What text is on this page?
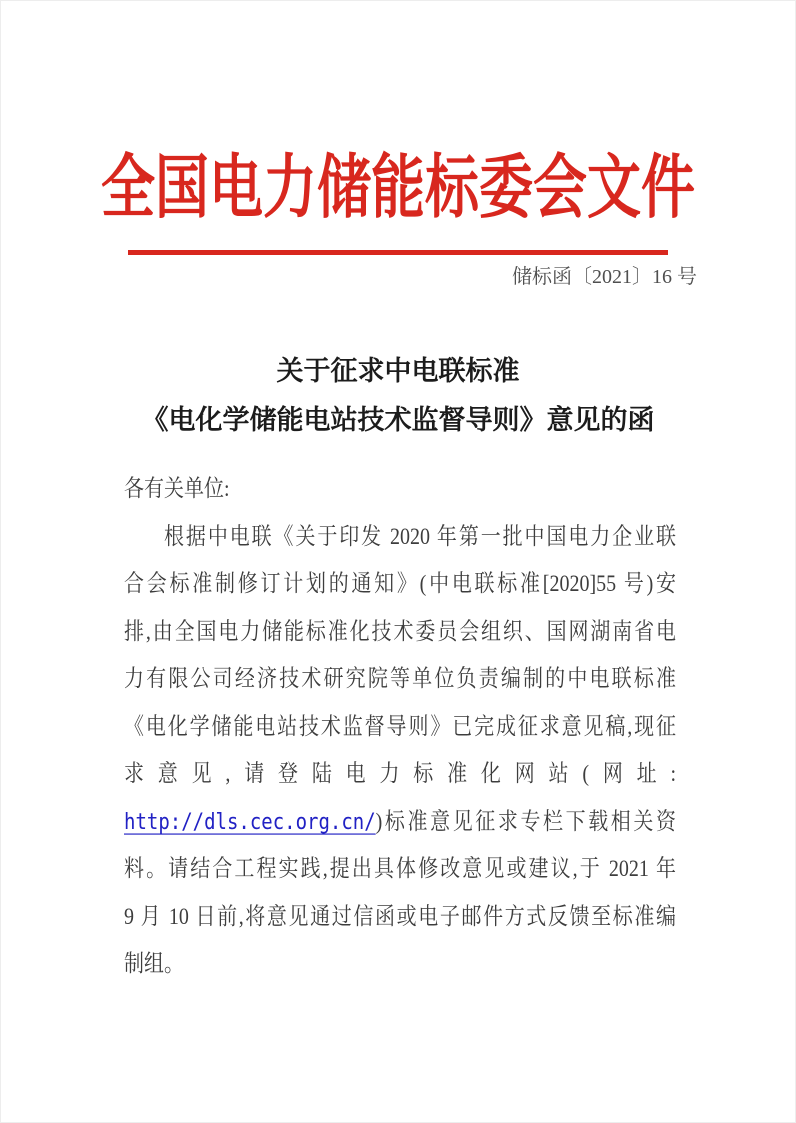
全国电力储能标委会文件
储标函〔2021〕16 号
关于征求中电联标准
《电化学储能电站技术监督导则》意见的函
各有关单位:
根据中电联《关于印发 2020 年第一批中国电力企业联
合会标准制修订计划的通知》(中电联标准[2020]55 号)安
排,由全国电力储能标准化技术委员会组织、国网湖南省电
力有限公司经济技术研究院等单位负责编制的中电联标准
《电化学储能电站技术监督导则》已完成征求意见稿,现征
求意见,请登陆电力标准化网站(网址:
http://dls.cec.org.cn/)标准意见征求专栏下载相关资
料。请结合工程实践,提出具体修改意见或建议,于 2021 年
9 月 10 日前,将意见通过信函或电子邮件方式反馈至标准编
制组。
